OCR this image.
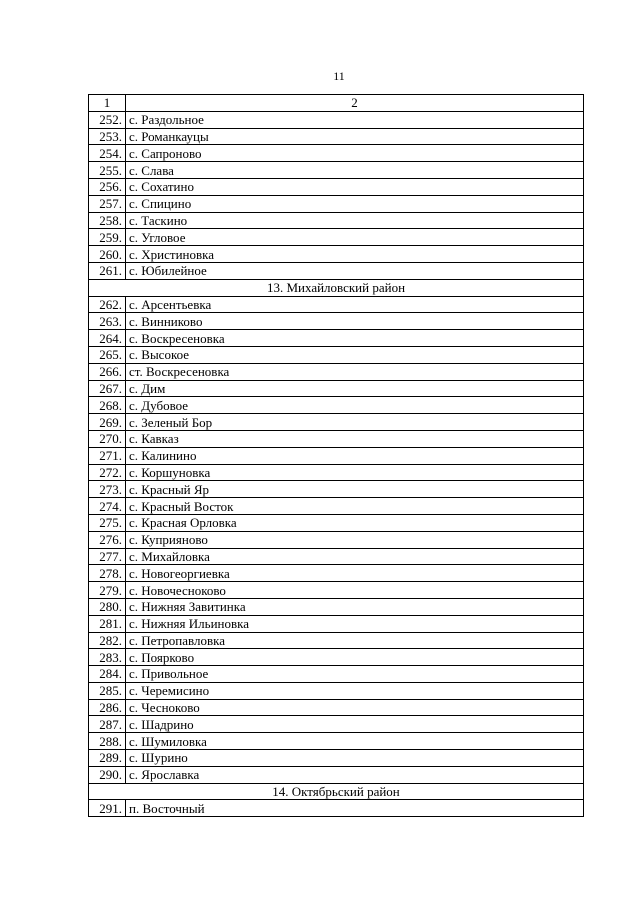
11
1	2
252.	с. Раздольное
253.	с. Романкауцы
254.	с. Сапроново
255.	с. Слава
256.	с. Сохатино
257.	с. Спицино
258.	с. Таскино
259.	с. Угловое
260.	с. Христиновка
261.	с. Юбилейное
13. Михайловский район	
262.	с. Арсентьевка
263.	с. Винниково
264.	с. Воскресеновка
265.	с. Высокое
266.	ст. Воскресеновка
267.	с. Дим
268.	с. Дубовое
269.	с. Зеленый Бор
270.	с. Кавказ
271.	с. Калинино
272.	с. Коршуновка
273.	с. Красный Яр
274.	с. Красный Восток
275.	с. Красная Орловка
276.	с. Куприяново
277.	с. Михайловка
278.	с. Новогеоргиевка
279.	с. Новочесноково
280.	с. Нижняя Завитинка
281.	с. Нижняя Ильиновка
282.	с. Петропавловка
283.	с. Поярково
284.	с. Привольное
285.	с. Черемисино
286.	с. Чесноково
287.	с. Шадрино
288.	с. Шумиловка
289.	с. Шурино
290.	с. Ярославка
14. Октябрьский район	
291.	п. Восточный
